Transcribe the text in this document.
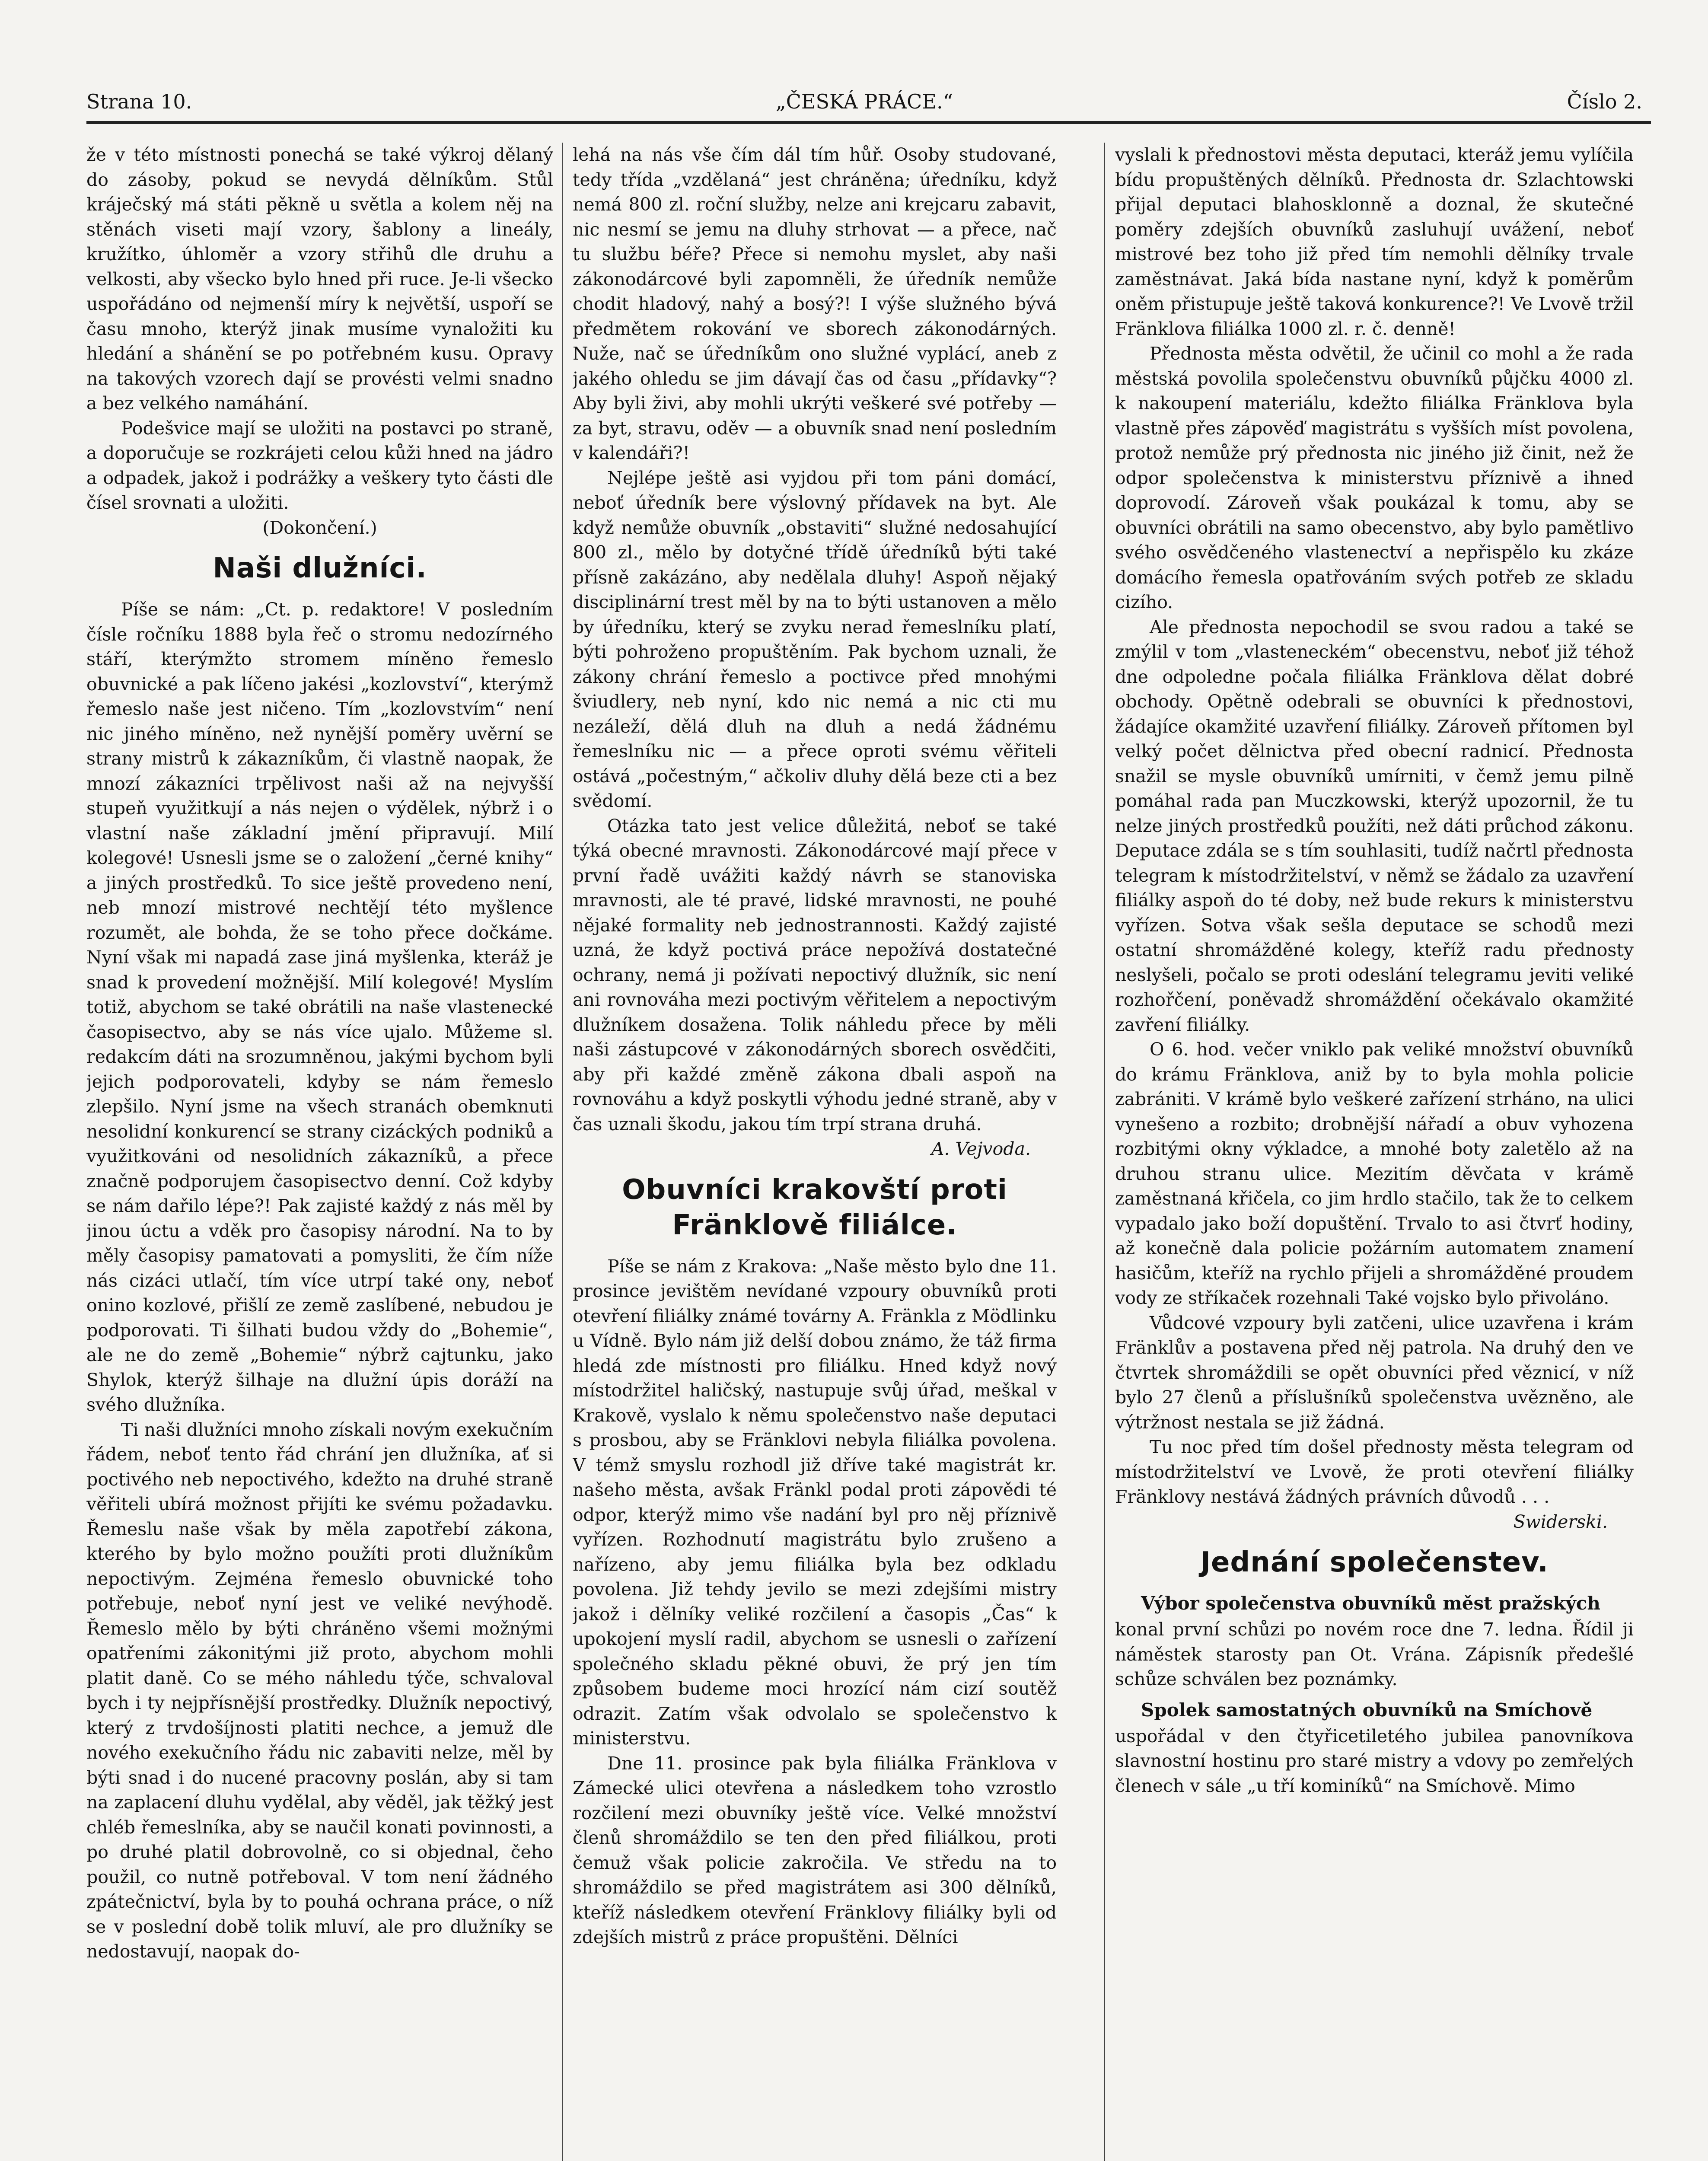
Strana 10.	„ČESKÁ PRÁCE.“	Číslo 2.

že v této místnosti ponechá se také výkroj dělaný do zásoby, pokud se nevydá dělníkům. Stůl kráječský má státi pěkně u světla a kolem něj na stěnách viseti mají vzory, šablony a lineály, kružítko, úhloměr a vzory střihů dle druhu a velkosti, aby všecko bylo hned při ruce. Je-li všecko uspořádáno od nejmenší míry k největší, uspoří se času mnoho, kterýž jinak musíme vynaložiti ku hledání a shánění se po potřebném kusu. Opravy na takových vzorech dají se provésti velmi snadno a bez velkého namáhání.

Podešvice mají se uložiti na postavci po straně, a doporučuje se rozkrájeti celou kůži hned na jádro a odpadek, jakož i podrážky a veškery tyto části dle čísel srovnati a uložiti.

(Dokončení.)

Naši dlužníci.

Píše se nám: „Ct. p. redaktore! V posledním čísle ročníku 1888 byla řeč o stromu nedozírného stáří, kterýmžto stromem míněno řemeslo obuvnické a pak líčeno jakési „kozlovství“, kterýmž řemeslo naše jest ničeno. Tím „kozlovstvím“ není nic jiného míněno, než nynější poměry uvěrní se strany mistrů k zákazníkům, či vlastně naopak, že mnozí zákazníci trpělivost naši až na nejvyšší stupeň využitkují a nás nejen o výdělek, nýbrž i o vlastní naše základní jmění připravují. Milí kolegové! Usnesli jsme se o založení „černé knihy“ a jiných prostředků. To sice ještě provedeno není, neb mnozí mistrové nechtějí této myšlence rozumět, ale bohda, že se toho přece dočkáme. Nyní však mi napadá zase jiná myšlenka, kteráž je snad k provedení možnější. Milí kolegové! Myslím totiž, abychom se také obrátili na naše vlastenecké časopisectvo, aby se nás více ujalo. Můžeme sl. redakcím dáti na srozumněnou, jakými bychom byli jejich podporovateli, kdyby se nám řemeslo zlepšilo. Nyní jsme na všech stranách obemknuti nesolidní konkurencí se strany cizáckých podniků a využitkováni od nesolidních zákazníků, a přece značně podporujem časopisectvo denní. Což kdyby se nám dařilo lépe?! Pak zajisté každý z nás měl by jinou úctu a vděk pro časopisy národní. Na to by měly časopisy pamatovati a pomysliti, že čím níže nás cizáci utlačí, tím více utrpí také ony, neboť onino kozlové, přišlí ze země zaslíbené, nebudou je podporovati. Ti šilhati budou vždy do „Bohemie“, ale ne do země „Bohemie“ nýbrž cajtunku, jako Shylok, kterýž šilhaje na dlužní úpis doráží na svého dlužníka.

Ti naši dlužníci mnoho získali novým exekučním řádem, neboť tento řád chrání jen dlužníka, ať si poctivého neb nepoctivého, kdežto na druhé straně věřiteli ubírá možnost přijíti ke svému požadavku. Řemeslu naše však by měla zapotřebí zákona, kterého by bylo možno použíti proti dlužníkům nepoctivým. Zejména řemeslo obuvnické toho potřebuje, neboť nyní jest ve veliké nevýhodě. Řemeslo mělo by býti chráněno všemi možnými opatřeními zákonitými již proto, abychom mohli platit daně. Co se mého náhledu týče, schvaloval bych i ty nejpřísnější prostředky. Dlužník nepoctivý, který z trvdošíjnosti platiti nechce, a jemuž dle nového exekučního řádu nic zabaviti nelze, měl by býti snad i do nucené pracovny poslán, aby si tam na zaplacení dluhu vydělal, aby věděl, jak těžký jest chléb řemeslníka, aby se naučil konati povinnosti, a po druhé platil dobrovolně, co si objednal, čeho použil, co nutně potřeboval. V tom není žádného zpátečnictví, byla by to pouhá ochrana práce, o níž se v poslední době tolik mluví, ale pro dlužníky se nedostavují, naopak do-

lehá na nás vše čím dál tím hůř. Osoby studované, tedy třída „vzdělaná“ jest chráněna; úředníku, když nemá 800 zl. roční služby, nelze ani krejcaru zabavit, nic nesmí se jemu na dluhy strhovat — a přece, nač tu službu béře? Přece si nemohu myslet, aby naši zákonodárcové byli zapomněli, že úředník nemůže chodit hladový, nahý a bosý?! I výše služného bývá předmětem rokování ve sborech zákonodárných. Nuže, nač se úředníkům ono služné vyplácí, aneb z jakého ohledu se jim dávají čas od času „přídavky“? Aby byli živi, aby mohli ukrýti veškeré své potřeby — za byt, stravu, oděv — a obuvník snad není posledním v kalendáři?!

Nejlépe ještě asi vyjdou při tom páni domácí, neboť úředník bere výslovný přídavek na byt. Ale když nemůže obuvník „obstaviti“ služné nedosahující 800 zl., mělo by dotyčné třídě úředníků býti také přísně zakázáno, aby nedělala dluhy! Aspoň nějaký disciplinární trest měl by na to býti ustanoven a mělo by úředníku, který se zvyku nerad řemeslníku platí, býti pohroženo propuštěním. Pak bychom uznali, že zákony chrání řemeslo a poctivce před mnohými šviudlery, neb nyní, kdo nic nemá a nic cti mu nezáleží, dělá dluh na dluh a nedá žádnému řemeslníku nic — a přece oproti svému věřiteli ostává „počestným,“ ačkoliv dluhy dělá beze cti a bez svědomí.

Otázka tato jest velice důležitá, neboť se také týká obecné mravnosti. Zákonodárcové mají přece v první řadě uvážiti každý návrh se stanoviska mravnosti, ale té pravé, lidské mravnosti, ne pouhé nějaké formality neb jednostrannosti. Každý zajisté uzná, že když poctivá práce nepožívá dostatečné ochrany, nemá ji požívati nepoctivý dlužník, sic není ani rovnováha mezi poctivým věřitelem a nepoctivým dlužníkem dosažena. Tolik náhledu přece by měli naši zástupcové v zákonodárných sborech osvědčiti, aby při každé změně zákona dbali aspoň na rovnováhu a když poskytli výhodu jedné straně, aby v čas uznali škodu, jakou tím trpí strana druhá.

A. Vejvoda.

Obuvníci krakovští proti Fränklově filiálce.

Píše se nám z Krakova: „Naše město bylo dne 11. prosince jevištěm nevídané vzpoury obuvníků proti otevření filiálky známé továrny A. Fränkla z Mödlinku u Vídně. Bylo nám již delší dobou známo, že táž firma hledá zde místnosti pro filiálku. Hned když nový místodržitel haličský, nastupuje svůj úřad, meškal v Krakově, vyslalo k němu společenstvo naše deputaci s prosbou, aby se Fränklovi nebyla filiálka povolena. V témž smyslu rozhodl již dříve také magistrát kr. našeho města, avšak Fränkl podal proti zápovědi té odpor, kterýž mimo vše nadání byl pro něj příznivě vyřízen. Rozhodnutí magistrátu bylo zrušeno a nařízeno, aby jemu filiálka byla bez odkladu povolena. Již tehdy jevilo se mezi zdejšími mistry jakož i dělníky veliké rozčilení a časopis „Čas“ k upokojení myslí radil, abychom se usnesli o zařízení společného skladu pěkné obuvi, že prý jen tím způsobem budeme moci hrozící nám cizí soutěž odrazit. Zatím však odvolalo se společenstvo k ministerstvu.

Dne 11. prosince pak byla filiálka Fränklova v Zámecké ulici otevřena a následkem toho vzrostlo rozčilení mezi obuvníky ještě více. Velké množství členů shromáždilo se ten den před filiálkou, proti čemuž však policie zakročila. Ve středu na to shromáždilo se před magistrátem asi 300 dělníků, kteříž následkem otevření Fränklovy filiálky byli od zdejších mistrů z práce propuštěni. Dělníci

vyslali k přednostovi města deputaci, kteráž jemu vylíčila bídu propuštěných dělníků. Přednosta dr. Szlachtowski přijal deputaci blahosklonně a doznal, že skutečné poměry zdejších obuvníků zasluhují uvážení, neboť mistrové bez toho již před tím nemohli dělníky trvale zaměstnávat. Jaká bída nastane nyní, když k poměrům oněm přistupuje ještě taková konkurence?! Ve Lvově tržil Fränklova filiálka 1000 zl. r. č. denně!

Přednosta města odvětil, že učinil co mohl a že rada městská povolila společenstvu obuvníků půjčku 4000 zl. k nakoupení materiálu, kdežto filiálka Fränklova byla vlastně přes zápověď magistrátu s vyšších míst povolena, protož nemůže prý přednosta nic jiného již činit, než že odpor společenstva k ministerstvu příznivě a ihned doprovodí. Zároveň však poukázal k tomu, aby se obuvníci obrátili na samo obecenstvo, aby bylo pamětlivo svého osvědčeného vlastenectví a nepřispělo ku zkáze domácího řemesla opatřováním svých potřeb ze skladu cizího.

Ale přednosta nepochodil se svou radou a také se zmýlil v tom „vlasteneckém“ obecenstvu, neboť již téhož dne odpoledne počala filiálka Fränklova dělat dobré obchody. Opětně odebrali se obuvníci k přednostovi, žádajíce okamžité uzavření filiálky. Zároveň přítomen byl velký počet dělnictva před obecní radnicí. Přednosta snažil se mysle obuvníků umírniti, v čemž jemu pilně pomáhal rada pan Muczkowski, kterýž upozornil, že tu nelze jiných prostředků použíti, než dáti průchod zákonu. Deputace zdála se s tím souhlasiti, tudíž načrtl přednosta telegram k místodržitelství, v němž se žádalo za uzavření filiálky aspoň do té doby, než bude rekurs k ministerstvu vyřízen. Sotva však sešla deputace se schodů mezi ostatní shromážděné kolegy, kteříž radu přednosty neslyšeli, počalo se proti odeslání telegramu jeviti veliké rozhořčení, poněvadž shromáždění očekávalo okamžité zavření filiálky.

O 6. hod. večer vniklo pak veliké množství obuvníků do krámu Fränklova, aniž by to byla mohla policie zabrániti. V krámě bylo veškeré zařízení strháno, na ulici vynešeno a rozbito; drobnější nářadí a obuv vyhozena rozbitými okny výkladce, a mnohé boty zaletělo až na druhou stranu ulice. Mezitím děvčata v krámě zaměstnaná křičela, co jim hrdlo stačilo, tak že to celkem vypadalo jako boží dopuštění. Trvalo to asi čtvrť hodiny, až konečně dala policie požárním automatem znamení hasičům, kteříž na rychlo přijeli a shromážděné proudem vody ze stříkaček rozehnali Také vojsko bylo přivoláno.

Vůdcové vzpoury byli zatčeni, ulice uzavřena i krám Fränklův a postavena před něj patrola. Na druhý den ve čtvrtek shromáždili se opět obuvníci před věznicí, v níž bylo 27 členů a příslušníků společenstva uvězněno, ale výtržnost nestala se již žádná.

Tu noc před tím došel přednosty města telegram od místodržitelství ve Lvově, že proti otevření filiálky Fränklovy nestává žádných právních důvodů . . .

Swiderski.

Jednání společenstev.
Výbor společenstva obuvníků měst pražských

konal první schůzi po novém roce dne 7. ledna. Řídil ji náměstek starosty pan Ot. Vrána. Zápisník předešlé schůze schválen bez poznámky.

Spolek samostatných obuvníků na Smíchově

uspořádal v den čtyřicetiletého jubilea panovníkova slavnostní hostinu pro staré mistry a vdovy po zemřelých členech v sále „u tří kominíků“ na Smíchově. Mimo
